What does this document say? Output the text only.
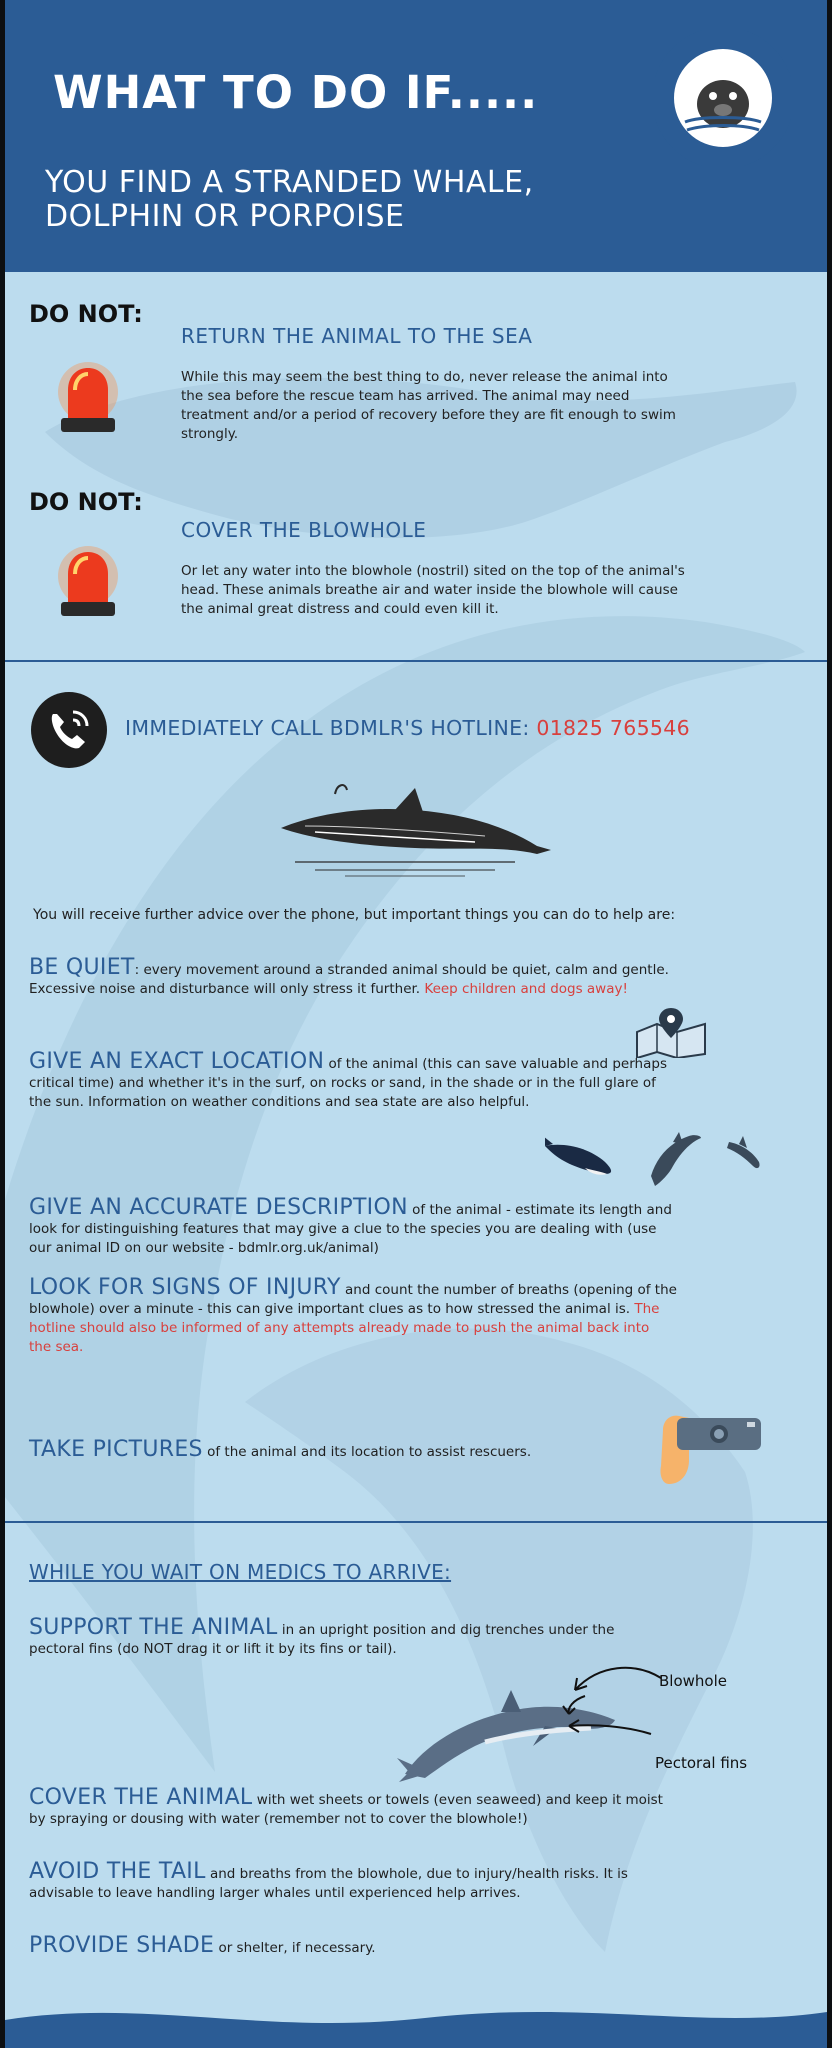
WHAT TO DO IF.....
YOU FIND A STRANDED WHALE,
DOLPHIN OR PORPOISE
DO NOT:
RETURN THE ANIMAL TO THE SEA
While this may seem the best thing to do, never release the animal into
the sea before the rescue team has arrived. The animal may need
treatment and/or a period of recovery before they are fit enough to swim
strongly.
DO NOT:
COVER THE BLOWHOLE
Or let any water into the blowhole (nostril) sited on the top of the animal's
head. These animals breathe air and water inside the blowhole will cause
the animal great distress and could even kill it.
IMMEDIATELY CALL BDMLR'S HOTLINE: 01825 765546
You will receive further advice over the phone, but important things you can do to help are:
BE QUIET: every movement around a stranded animal should be quiet, calm and gentle.
Excessive noise and disturbance will only stress it further. Keep children and dogs away!
GIVE AN EXACT LOCATION of the animal (this can save valuable and perhaps
critical time) and whether it's in the surf, on rocks or sand, in the shade or in the full glare of
the sun. Information on weather conditions and sea state are also helpful.
GIVE AN ACCURATE DESCRIPTION of the animal - estimate its length and
look for distinguishing features that may give a clue to the species you are dealing with (use
our animal ID on our website - bdmlr.org.uk/animal)
LOOK FOR SIGNS OF INJURY and count the number of breaths (opening of the
blowhole) over a minute - this can give important clues as to how stressed the animal is. The
hotline should also be informed of any attempts already made to push the animal back into
the sea.
TAKE PICTURES of the animal and its location to assist rescuers.
WHILE YOU WAIT ON MEDICS TO ARRIVE:
SUPPORT THE ANIMAL in an upright position and dig trenches under the
pectoral fins (do NOT drag it or lift it by its fins or tail).
Blowhole
Pectoral fins
COVER THE ANIMAL with wet sheets or towels (even seaweed) and keep it moist
by spraying or dousing with water (remember not to cover the blowhole!)
AVOID THE TAIL and breaths from the blowhole, due to injury/health risks. It is
advisable to leave handling larger whales until experienced help arrives.
PROVIDE SHADE or shelter, if necessary.
